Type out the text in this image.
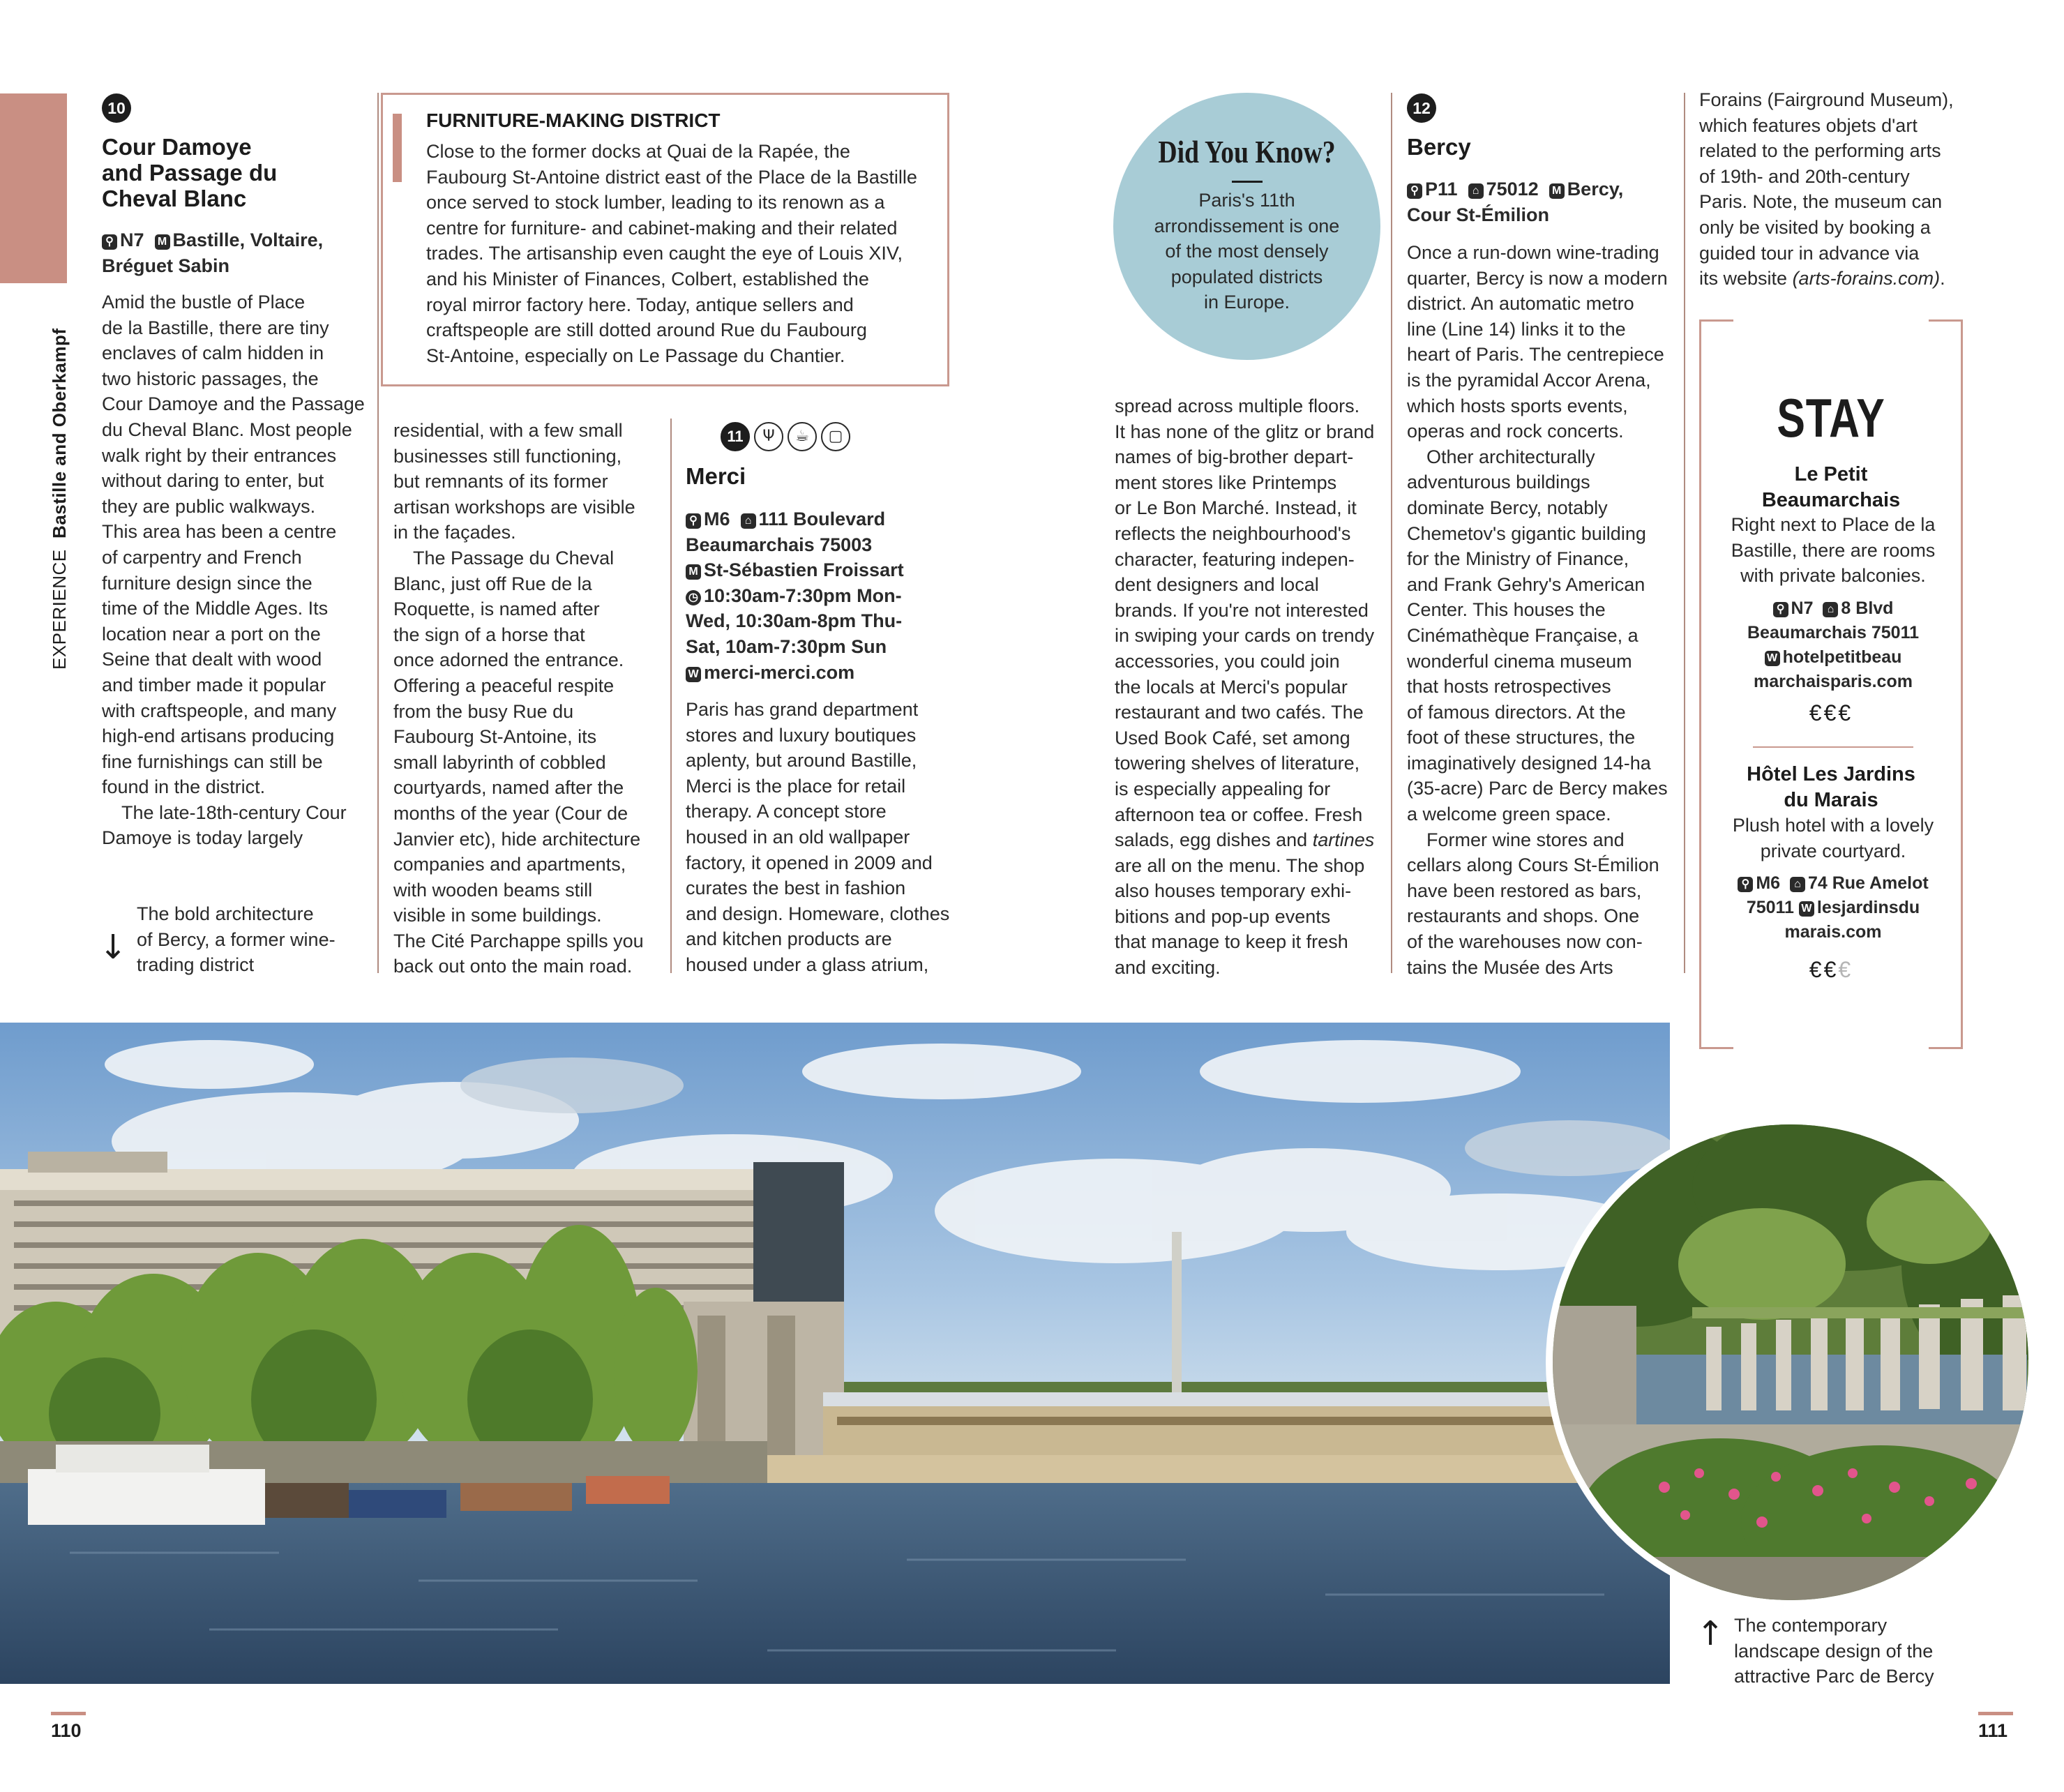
EXPERIENCE  Bastille and Oberkampf
10
Cour Damoye
and Passage du
Cheval Blanc
⚲ N7 M Bastille, Voltaire,
Bréguet Sabin
Amid the bustle of Place
de la Bastille, there are tiny
enclaves of calm hidden in
two historic passages, the
Cour Damoye and the Passage
du Cheval Blanc. Most people
walk right by their entrances
without daring to enter, but
they are public walkways.
This area has been a centre
of carpentry and French
furniture design since the
time of the Middle Ages. Its
location near a port on the
Seine that dealt with wood
and timber made it popular
with craftspeople, and many
high-end artisans producing
fine furnishings can still be
found in the district.
The late-18th-century Cour
Damoye is today largely
FURNITURE-MAKING DISTRICT
Close to the former docks at Quai de la Rapée, the
Faubourg St-Antoine district east of the Place de la Bastille
once served to stock lumber, leading to its renown as a
centre for furniture- and cabinet-making and their related
trades. The artisanship even caught the eye of Louis XIV,
and his Minister of Finances, Colbert, established the
royal mirror factory here. Today, antique sellers and
craftspeople are still dotted around Rue du Faubourg
St-Antoine, especially on Le Passage du Chantier.
residential, with a few small
businesses still functioning,
but remnants of its former
artisan workshops are visible
in the façades.
The Passage du Cheval
Blanc, just off Rue de la
Roquette, is named after
the sign of a horse that
once adorned the entrance.
Offering a peaceful respite
from the busy Rue du
Faubourg St-Antoine, its
small labyrinth of cobbled
courtyards, named after the
months of the year (Cour de
Janvier etc), hide architecture
companies and apartments,
with wooden beams still
visible in some buildings.
The Cité Parchappe spills you
back out onto the main road.
↓
The bold architecture
of Bercy, a former wine-
trading district
11 Ψ ☕ ▢
Merci
⚲ M6 ⌂ 111 Boulevard
Beaumarchais 75003
M St-Sébastien Froissart
◷ 10:30am-7:30pm Mon-
Wed, 10:30am-8pm Thu-
Sat, 10am-7:30pm Sun
W merci-merci.com
Paris has grand department
stores and luxury boutiques
aplenty, but around Bastille,
Merci is the place for retail
therapy. A concept store
housed in an old wallpaper
factory, it opened in 2009 and
curates the best in fashion
and design. Homeware, clothes
and kitchen products are
housed under a glass atrium,
Did You Know?
Paris's 11th
arrondissement is one
of the most densely
populated districts
in Europe.
spread across multiple floors.
It has none of the glitz or brand
names of big-brother depart-
ment stores like Printemps
or Le Bon Marché. Instead, it
reflects the neighbourhood's
character, featuring indepen-
dent designers and local
brands. If you're not interested
in swiping your cards on trendy
accessories, you could join
the locals at Merci's popular
restaurant and two cafés. The
Used Book Café, set among
towering shelves of literature,
is especially appealing for
afternoon tea or coffee. Fresh
salads, egg dishes and tartines
are all on the menu. The shop
also houses temporary exhi-
bitions and pop-up events
that manage to keep it fresh
and exciting.
12
Bercy
⚲ P11 ⌂ 75012 M Bercy,
Cour St-Émilion
Once a run-down wine-trading
quarter, Bercy is now a modern
district. An automatic metro
line (Line 14) links it to the
heart of Paris. The centrepiece
is the pyramidal Accor Arena,
which hosts sports events,
operas and rock concerts.
Other architecturally
adventurous buildings
dominate Bercy, notably
Chemetov's gigantic building
for the Ministry of Finance,
and Frank Gehry's American
Center. This houses the
Cinémathèque Française, a
wonderful cinema museum
that hosts retrospectives
of famous directors. At the
foot of these structures, the
imaginatively designed 14-ha
(35-acre) Parc de Bercy makes
a welcome green space.
Former wine stores and
cellars along Cours St-Émilion
have been restored as bars,
restaurants and shops. One
of the warehouses now con-
tains the Musée des Arts
Forains (Fairground Museum),
which features objets d'art
related to the performing arts
of 19th- and 20th-century
Paris. Note, the museum can
only be visited by booking a
guided tour in advance via
its website (arts-forains.com).
STAY
Le Petit
Beaumarchais
Right next to Place de la
Bastille, there are rooms
with private balconies.
⚲ N7 ⌂ 8 Blvd
Beaumarchais 75011
W hotelpetitbeau
marchaisparis.com
€€€
Hôtel Les Jardins
du Marais
Plush hotel with a lovely
private courtyard.
⚲ M6 ⌂ 74 Rue Amelot
75011 W lesjardinsdu
marais.com
€€€
↑ The contemporary
landscape design of the
attractive Parc de Bercy
110	111
